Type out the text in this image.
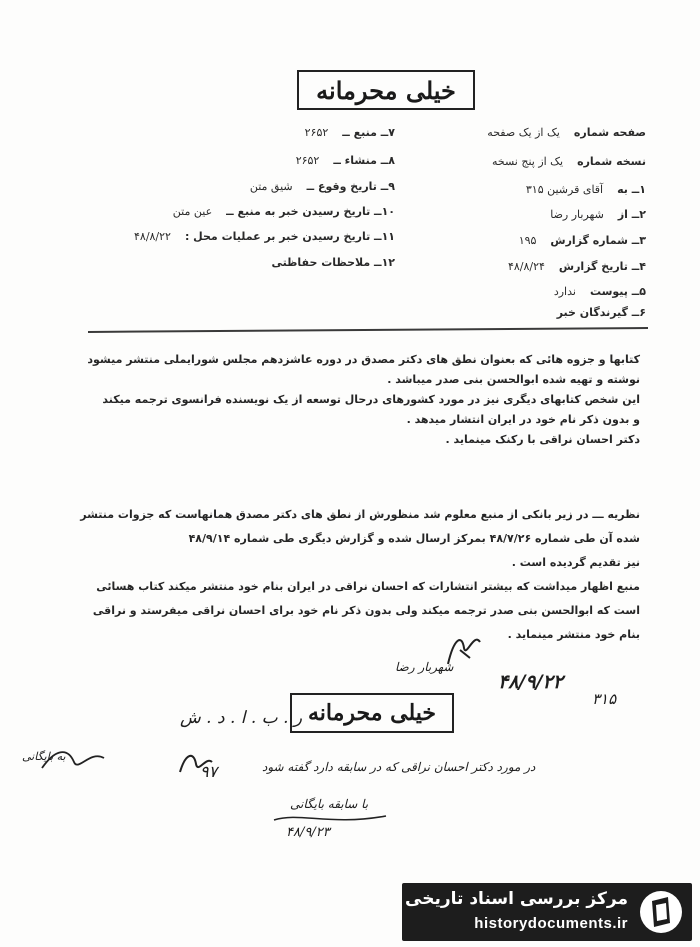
خیلی محرمانه
صفحه شمارهیک از یک صفحه
نسخه شمارهیک از پنج نسخه
۱ــ بهآقای قرشین ۳۱۵
۲ــ ازشهربار رضا
۳ــ شماره گزارش۱۹۵
۴ــ تاریخ گزارش۴۸/۸/۲۴
۵ــ پیوستندارد
۶ــ گیرندگان خبر
۷ــ منبع ــ۲۶۵۲
۸ــ منشاء ــ۲۶۵۲
۹ــ تاریخ وقوع ــشیق متن
۱۰ــ تاریخ رسیدن خبر به منبع ــعین متن
۱۱ــ تاریخ رسیدن خبر بر عملیات محل :۴۸/۸/۲۲
۱۲ــ ملاحظات حفاظتی
کتابها و جزوه هائی که بعنوان نطق های دکتر مصدق در دوره عاشزدهم مجلس شورایملی منتشر میشود
نوشته و تهیه شده ابوالحسن بنی صدر میباشد .
این شخص کتابهای دیگری نیز در مورد کشورهای درحال توسعه از یک نویسنده فرانسوی ترجمه میکند
و بدون ذکر نام خود در ایران انتشار میدهد .
دکتر احسان نراقی با رکنک مینماید .
نظریه ـــ در زیر بانکی از منبع معلوم شد منظورش از نطق های دکتر مصدق همانهاست که جزوات منتشر
شده آن طی شماره ۴۸/۷/۲۶ بمرکز ارسال شده و گزارش دیگری طی شماره ۴۸/۹/۱۴
نیز تقدیم گردیده است .
منبع اظهار میداشت که بیشتر انتشارات که احسان نراقی در ایران بنام خود منتشر میکند کتاب هسائی
است که ابوالحسن بنی صدر ترجمه میکند ولی بدون ذکر نام خود برای احسان نراقی میفرستد و نراقی
بنام خود منتشر مینماید .
شهربار رضا
۴۸/۹/۲۲
۳۱۵
خیلی محرمانه
ر . ب . ا . د . ش
۹۷	در مورد دکتر احسان نراقی که در سابقه دارد گفته شود
با سابقه بایگانی
۴۸/۹/۲۳
به بایگانی
مرکز بررسی اسناد تاریخی
historydocuments.ir
